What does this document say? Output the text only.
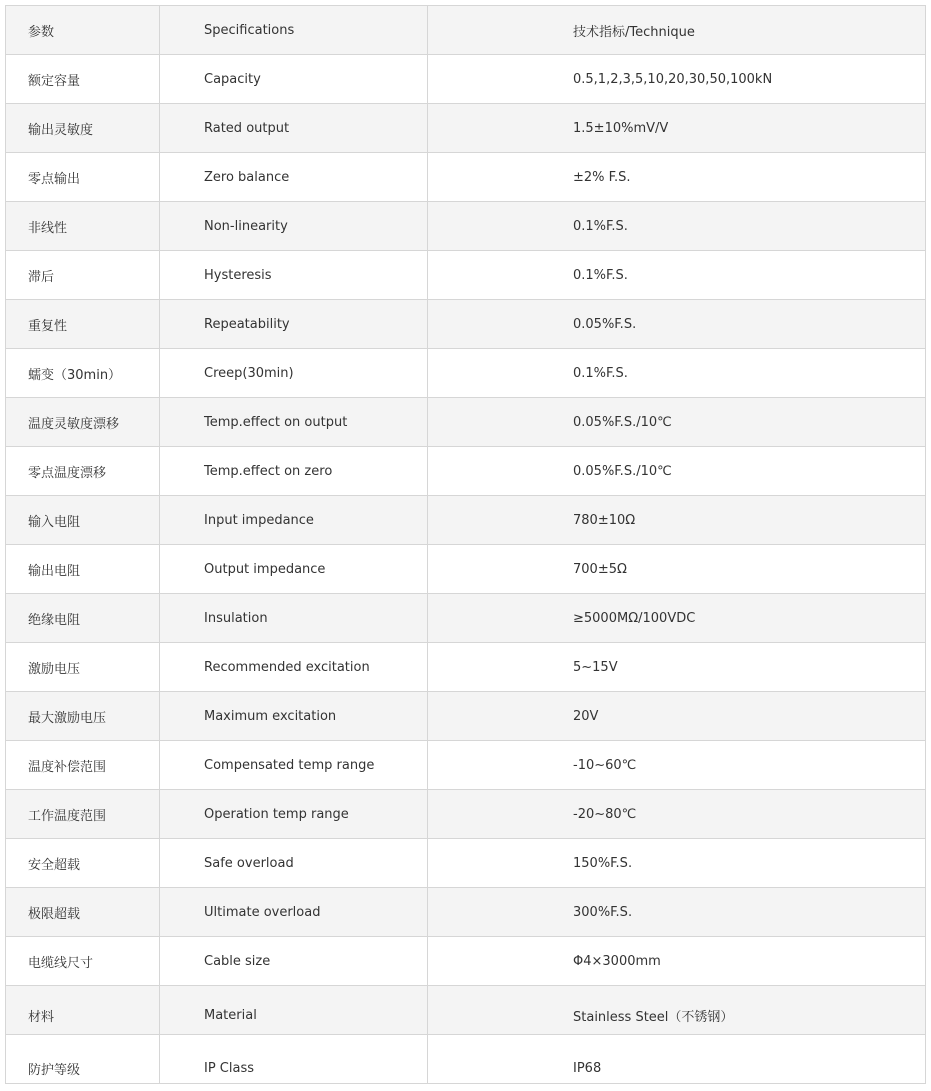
参数	Specifications	技术指标/Technique
额定容量	Capacity	0.5,1,2,3,5,10,20,30,50,100kN
输出灵敏度	Rated output	1.5±10%mV/V
零点输出	Zero balance	±2% F.S.
非线性	Non-linearity	0.1%F.S.
滞后	Hysteresis	0.1%F.S.
重复性	Repeatability	0.05%F.S.
蠕变（30min）	Creep(30min)	0.1%F.S.
温度灵敏度漂移	Temp.effect on output	0.05%F.S./10℃
零点温度漂移	Temp.effect on zero	0.05%F.S./10℃
输入电阻	Input impedance	780±10Ω
输出电阻	Output impedance	700±5Ω
绝缘电阻	Insulation	≥5000MΩ/100VDC
激励电压	Recommended excitation	5~15V
最大激励电压	Maximum excitation	20V
温度补偿范围	Compensated temp range	-10~60℃
工作温度范围	Operation temp range	-20~80℃
安全超载	Safe overload	150%F.S.
极限超载	Ultimate overload	300%F.S.
电缆线尺寸	Cable size	Φ4×3000mm
材料	Material	Stainless Steel（不锈钢）
防护等级	IP Class	IP68
